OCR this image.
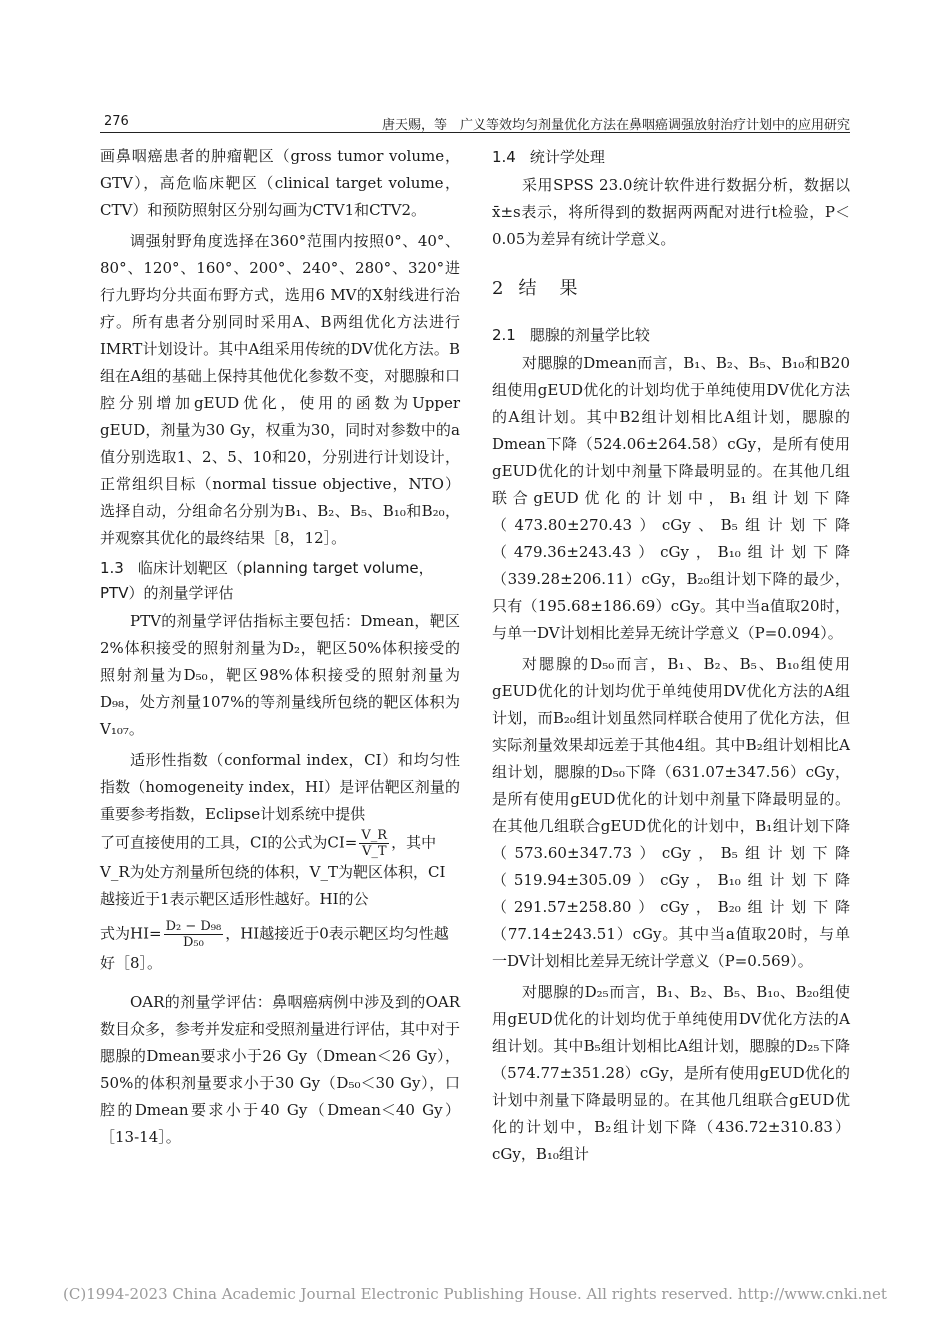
276	唐天赐，等　广义等效均匀剂量优化方法在鼻咽癌调强放射治疗计划中的应用研究

画鼻咽癌患者的肿瘤靶区（gross tumor volume，GTV），高危临床靶区（clinical target volume，CTV）和预防照射区分别勾画为CTV1和CTV2。

调强射野角度选择在360°范围内按照0°、40°、80°、120°、160°、200°、240°、280°、320°进行九野均分共面布野方式，选用6 MV的X射线进行治疗。所有患者分别同时采用A、B两组优化方法进行IMRT计划设计。其中A组采用传统的DV优化方法。B组在A组的基础上保持其他优化参数不变，对腮腺和口腔分别增加gEUD优化，使用的函数为Upper gEUD，剂量为30 Gy，权重为30，同时对参数中的a值分别选取1、2、5、10和20，分别进行计划设计，正常组织目标（normal tissue objective，NTO）选择自动，分组命名分别为B₁、B₂、B₅、B₁₀和B₂₀，并观察其优化的最终结果［8，12］。

1.3 临床计划靶区（planning target volume，PTV）的剂量学评估

PTV的剂量学评估指标主要包括：Dmean，靶区2%体积接受的照射剂量为D₂，靶区50%体积接受的照射剂量为D₅₀，靶区98%体积接受的照射剂量为D₉₈，处方剂量107%的等剂量线所包绕的靶区体积为V₁₀₇。

适形性指数（conformal index，CI）和均匀性指数（homogeneity index，HI）是评估靶区剂量的重要参考指数，Eclipse计划系统中提供

了可直接使用的工具，CI的公式为$CI= \frac{V\_R}{V\_T}$ ，其中V_R为处方剂量所包绕的体积，V_T为靶区体积，CI越接近于1表示靶区适形性越好。HI的公
式为$HI= \frac{\text{D₂ − D₉₈}}{\text{D₅₀}}$ ，HI越接近于0表示靶区均匀性越好［8］。

OAR的剂量学评估：鼻咽癌病例中涉及到的OAR数目众多，参考并发症和受照剂量进行评估，其中对于腮腺的Dmean要求小于26 Gy（Dmean＜26 Gy），50%的体积剂量要求小于30 Gy（D₅₀＜30 Gy），口腔的Dmean要求小于40 Gy（Dmean＜40 Gy）［13-14］。

1.4 统计学处理

采用SPSS 23.0统计软件进行数据分析，数据以x̄±s表示，将所得到的数据两两配对进行t检验，P＜0.05为差异有统计学意义。

2 结 果
2.1 腮腺的剂量学比较

对腮腺的Dmean而言，B₁、B₂、B₅、B₁₀和B20组使用gEUD优化的计划均优于单纯使用DV优化方法的A组计划。其中B2组计划相比A组计划，腮腺的Dmean下降（524.06±264.58）cGy，是所有使用gEUD优化的计划中剂量下降最明显的。在其他几组联合gEUD优化的计划中，B₁组计划下降（473.80±270.43）cGy、B₅组计划下降（479.36±243.43）cGy，B₁₀组计划下降（339.28±206.11）cGy，B₂₀组计划下降的最少，只有（195.68±186.69）cGy。其中当a值取20时，与单一DV计划相比差异无统计学意义（P=0.094）。

对腮腺的D₅₀而言，B₁、B₂、B₅、B₁₀组使用gEUD优化的计划均优于单纯使用DV优化方法的A组计划，而B₂₀组计划虽然同样联合使用了优化方法，但实际剂量效果却远差于其他4组。其中B₂组计划相比A组计划，腮腺的D₅₀下降（631.07±347.56）cGy，是所有使用gEUD优化的计划中剂量下降最明显的。在其他几组联合gEUD优化的计划中，B₁组计划下降（573.60±347.73）cGy，B₅组计划下降（519.94±305.09）cGy，B₁₀组计划下降（291.57±258.80）cGy，B₂₀组计划下降（77.14±243.51）cGy。其中当a值取20时，与单一DV计划相比差异无统计学意义（P=0.569）。

对腮腺的D₂₅而言，B₁、B₂、B₅、B₁₀、B₂₀组使用gEUD优化的计划均优于单纯使用DV优化方法的A组计划。其中B₅组计划相比A组计划，腮腺的D₂₅下降（574.77±351.28）cGy，是所有使用gEUD优化的计划中剂量下降最明显的。在其他几组联合gEUD优化的计划中，B₂组计划下降（436.72±310.83）cGy，B₁₀组计

(C)1994-2023 China Academic Journal Electronic Publishing House. All rights reserved. http://www.cnki.net
